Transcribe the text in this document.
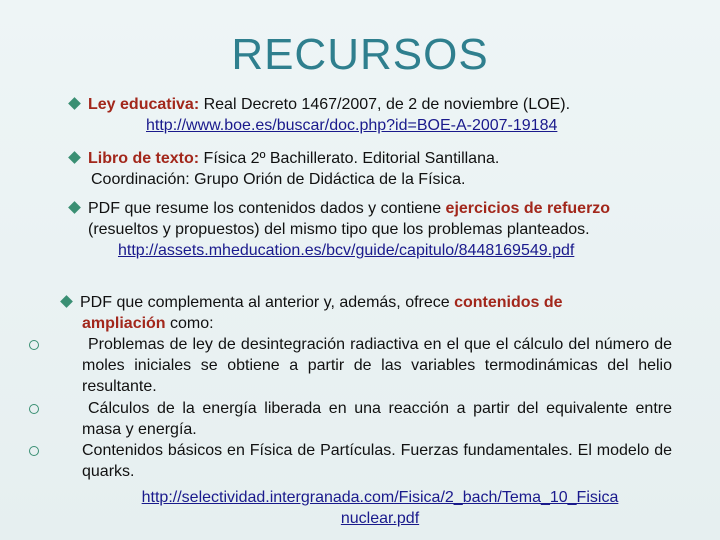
RECURSOS
Ley educativa: Real Decreto 1467/2007, de 2 de noviembre (LOE).
http://www.boe.es/buscar/doc.php?id=BOE-A-2007-19184
Libro de texto: Física 2º Bachillerato. Editorial Santillana.
Coordinación: Grupo Orión de Didáctica de la Física.
PDF que resume los contenidos dados y contiene ejercicios de refuerzo
(resueltos y propuestos) del mismo tipo que los problemas planteados.
http://assets.mheducation.es/bcv/guide/capitulo/8448169549.pdf
PDF que complementa al anterior y, además, ofrece contenidos de
ampliación como:
Problemas de ley de desintegración radiactiva en el que el cálculo del número de moles iniciales se obtiene a partir de las variables termodinámicas del helio resultante.
Cálculos de la energía liberada en una reacción a partir del equivalente entre masa y energía.
Contenidos básicos en Física de Partículas. Fuerzas fundamentales. El modelo de quarks.
http://selectividad.intergranada.com/Fisica/2_bach/Tema_10_Fisica
nuclear.pdf
